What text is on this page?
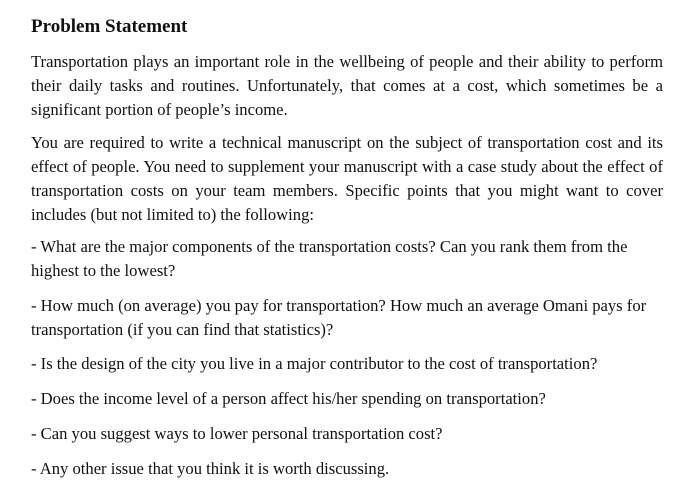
Problem Statement

Transportation plays an important role in the wellbeing of people and their ability to perform their daily tasks and routines. Unfortunately, that comes at a cost, which sometimes be a significant portion of people’s income.

You are required to write a technical manuscript on the subject of transportation cost and its effect of people. You need to supplement your manuscript with a case study about the effect of transportation costs on your team members. Specific points that you might want to cover includes (but not limited to) the following:

- What are the major components of the transportation costs? Can you rank them from the highest to the lowest?

- How much (on average) you pay for transportation? How much an average Omani pays for transportation (if you can find that statistics)?

- Is the design of the city you live in a major contributor to the cost of transportation?

- Does the income level of a person affect his/her spending on transportation?

- Can you suggest ways to lower personal transportation cost?

- Any other issue that you think it is worth discussing.
